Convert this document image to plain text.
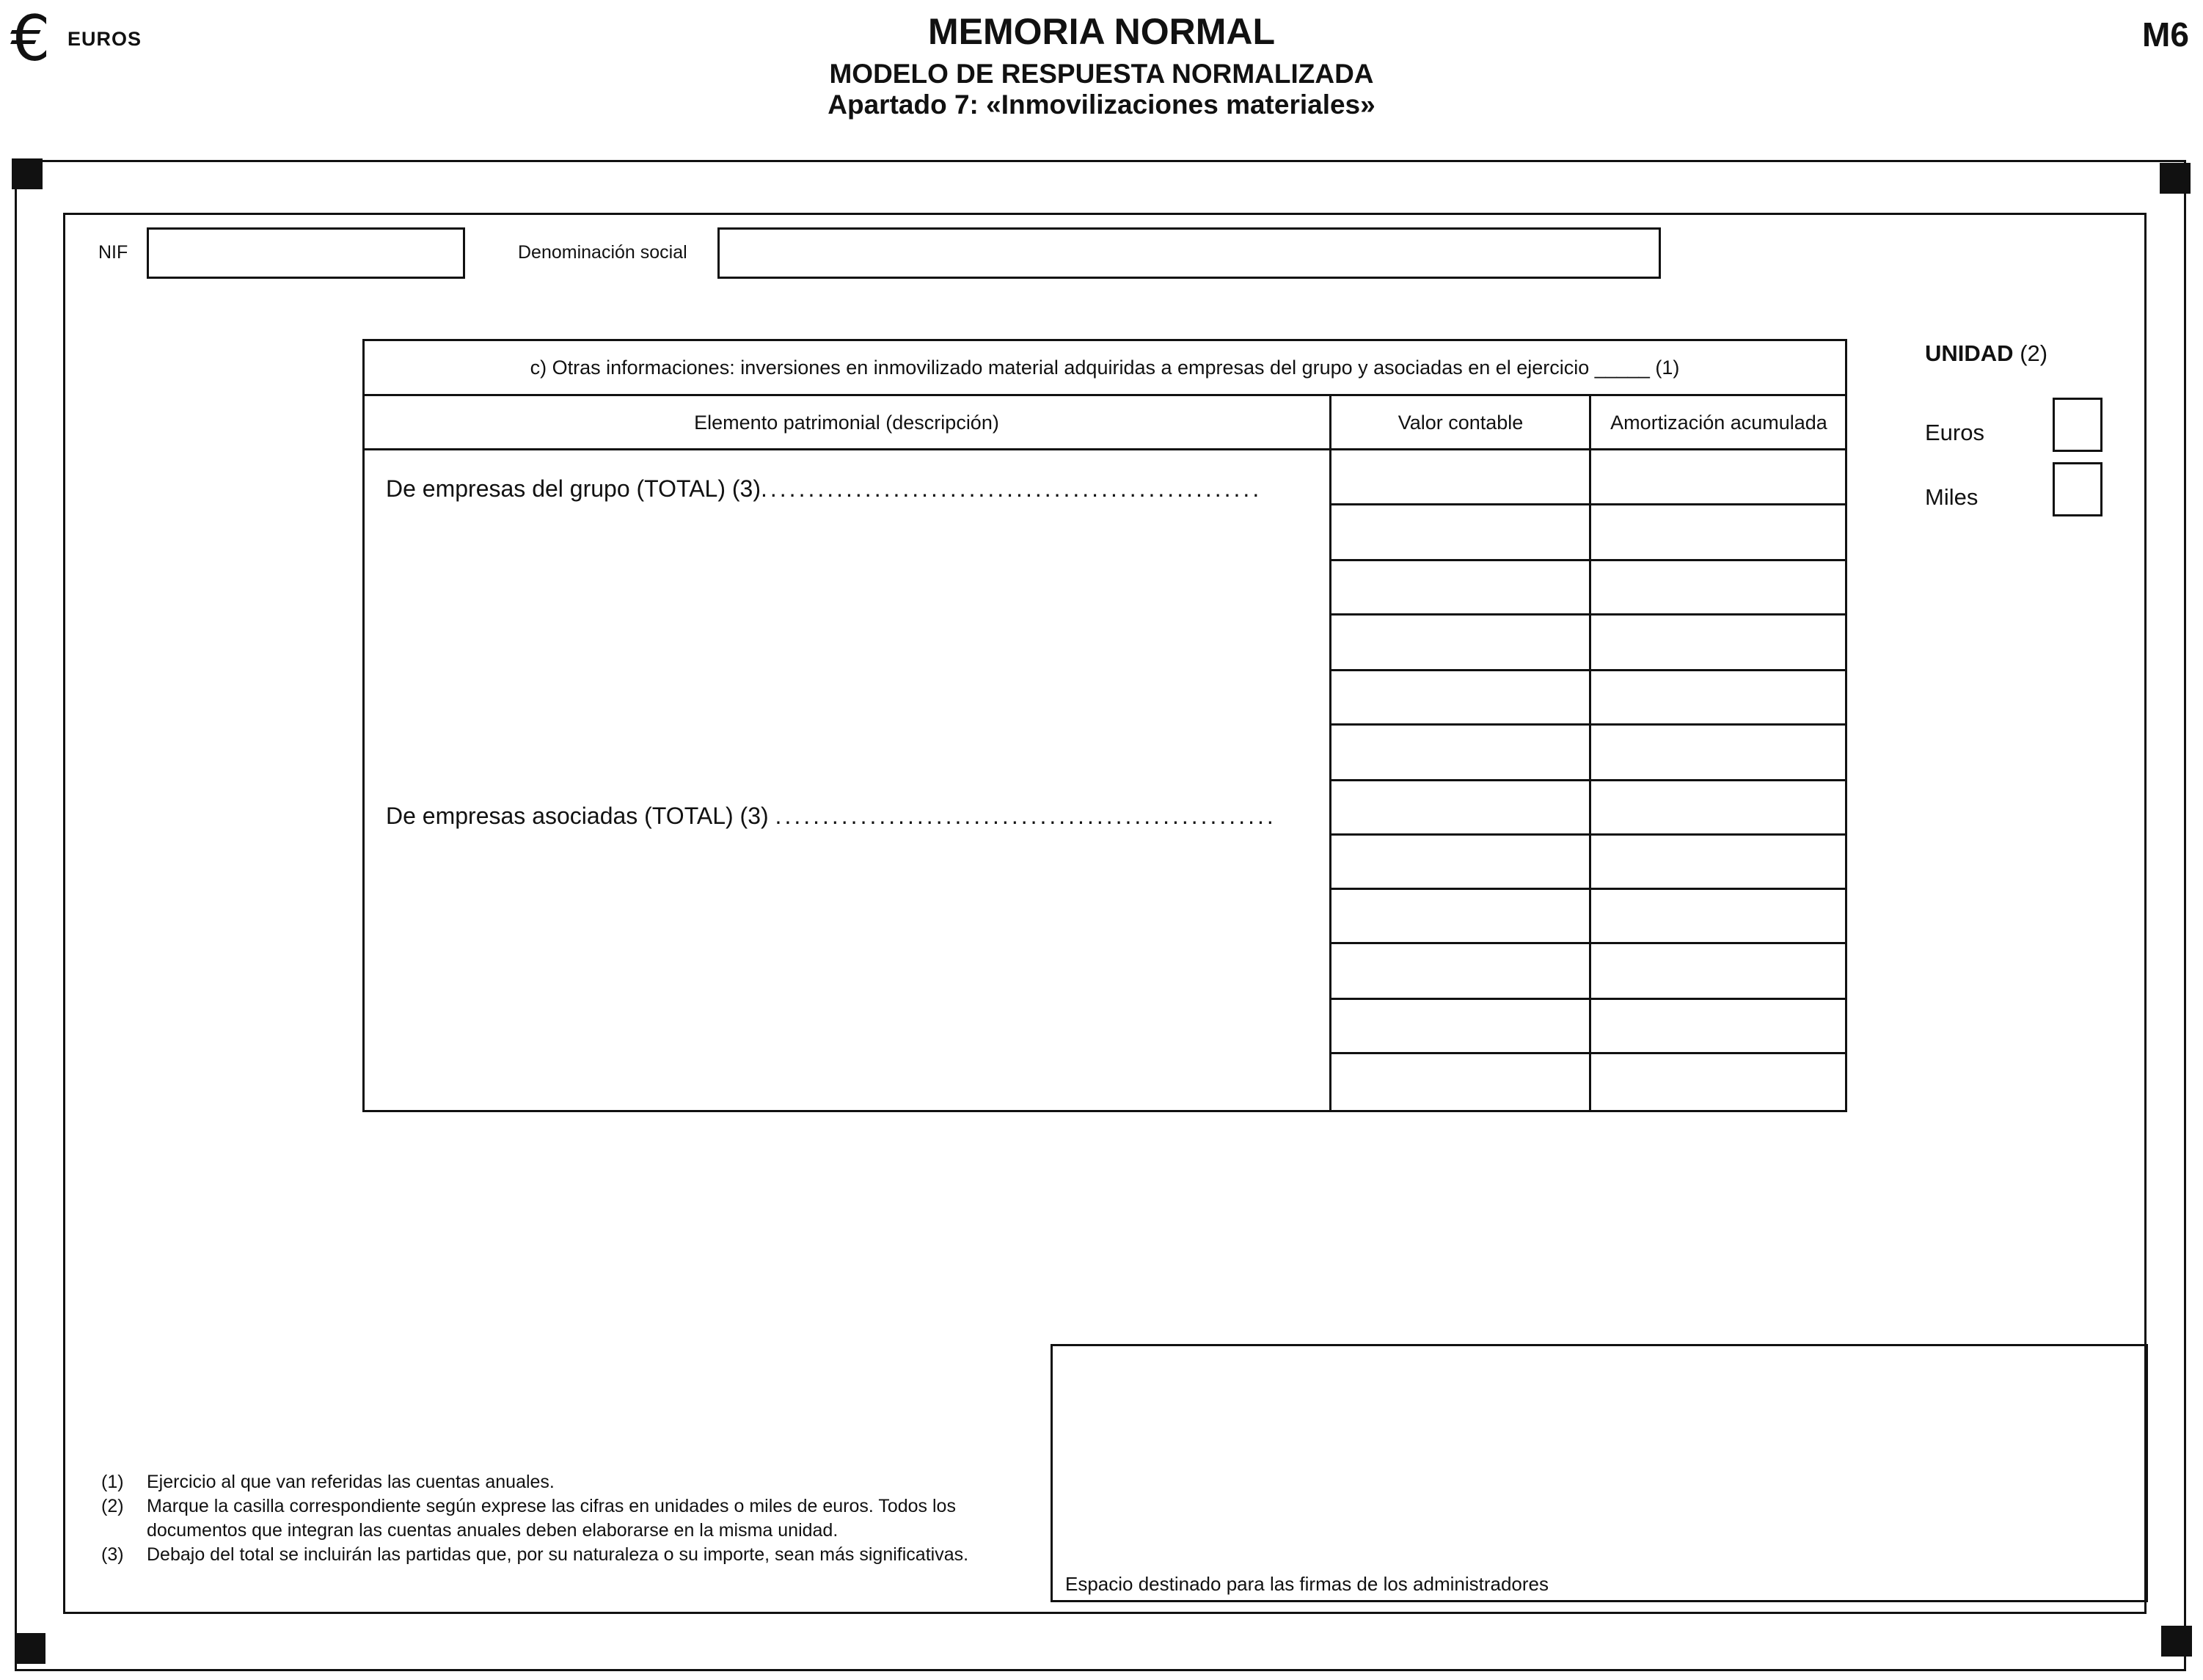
€ EUROS	MEMORIA NORMAL
MODELO DE RESPUESTA NORMALIZADA
Apartado 7: «Inmovilizaciones materiales»
M6
NIF	Denominación social
c) Otras informaciones: inversiones en inmovilizado material adquiridas a empresas del grupo y asociadas en el ejercicio _____ (1)
Elemento patrimonial (descripción)	Valor contable	Amortización acumulada
De empresas del grupo (TOTAL) (3).....................................................
De empresas asociadas (TOTAL) (3) .....................................................
UNIDAD (2)
Euros
Miles
(1)	Ejercicio al que van referidas las cuentas anuales.
(2)	Marque la casilla correspondiente según exprese las cifras en unidades o miles de euros. Todos los documentos que integran las cuentas anuales deben elaborarse en la misma unidad.
(3)	Debajo del total se incluirán las partidas que, por su naturaleza o su importe, sean más significativas.
Espacio destinado para las firmas de los administradores
